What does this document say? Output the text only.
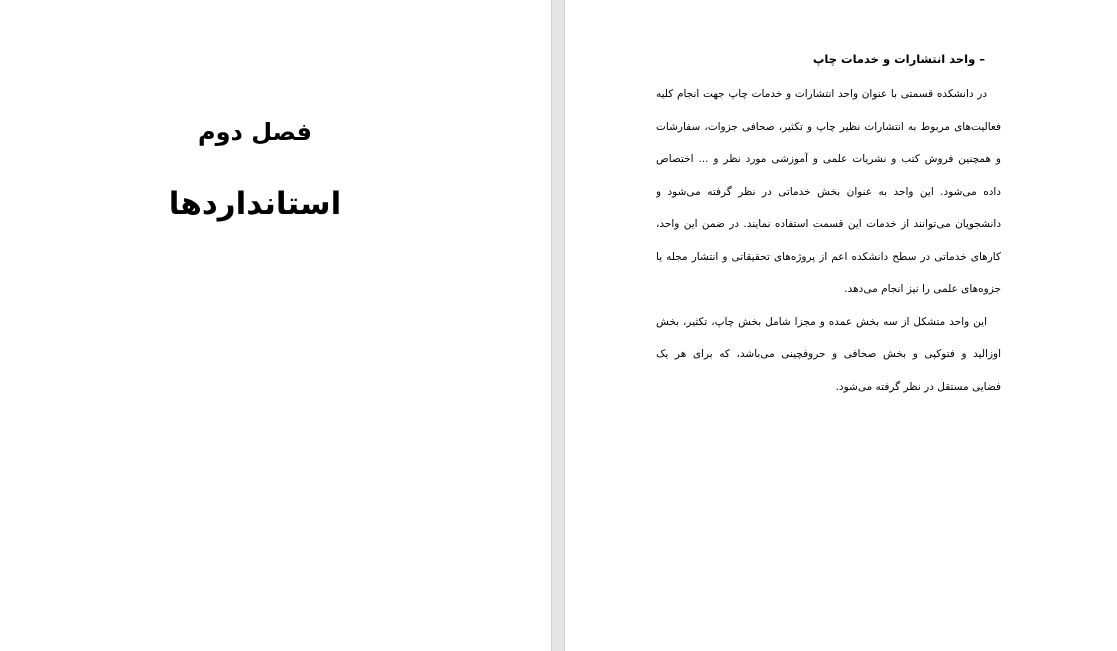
فصل دوم
استانداردها
– واحد انتشارات و خدمات چاپ
در دانشکده قسمتی با عنوان واحد انتشارات و خدمات چاپ جهت انجام کلیه
فعالیت‌های مربوط به انتشارات نظیر چاپ و تکثیر، صحافی جزوات، سفارشات
و همچنین فروش کتب و نشریات علمی و آموزشی مورد نظر و ... اختصاص
داده می‌شود. این واحد به عنوان بخش خدماتی در نظر گرفته می‌شود و
دانشجویان می‌توانند از خدمات این قسمت استفاده نمایند. در ضمن این واحد،
کارهای خدماتی در سطح دانشکده اعم از پروژه‌های تحقیقاتی و انتشار مجله یا
جزوه‌های علمی را نیز انجام می‌دهد.
این واحد متشکل از سه بخش عمده و مجزا شامل بخش چاپ، تکثیر، بخش
اوزالید و فتوکپی و بخش صحافی و حروفچینی می‌باشد، که برای هر یک
فضایی مستقل در نظر گرفته می‌شود.
